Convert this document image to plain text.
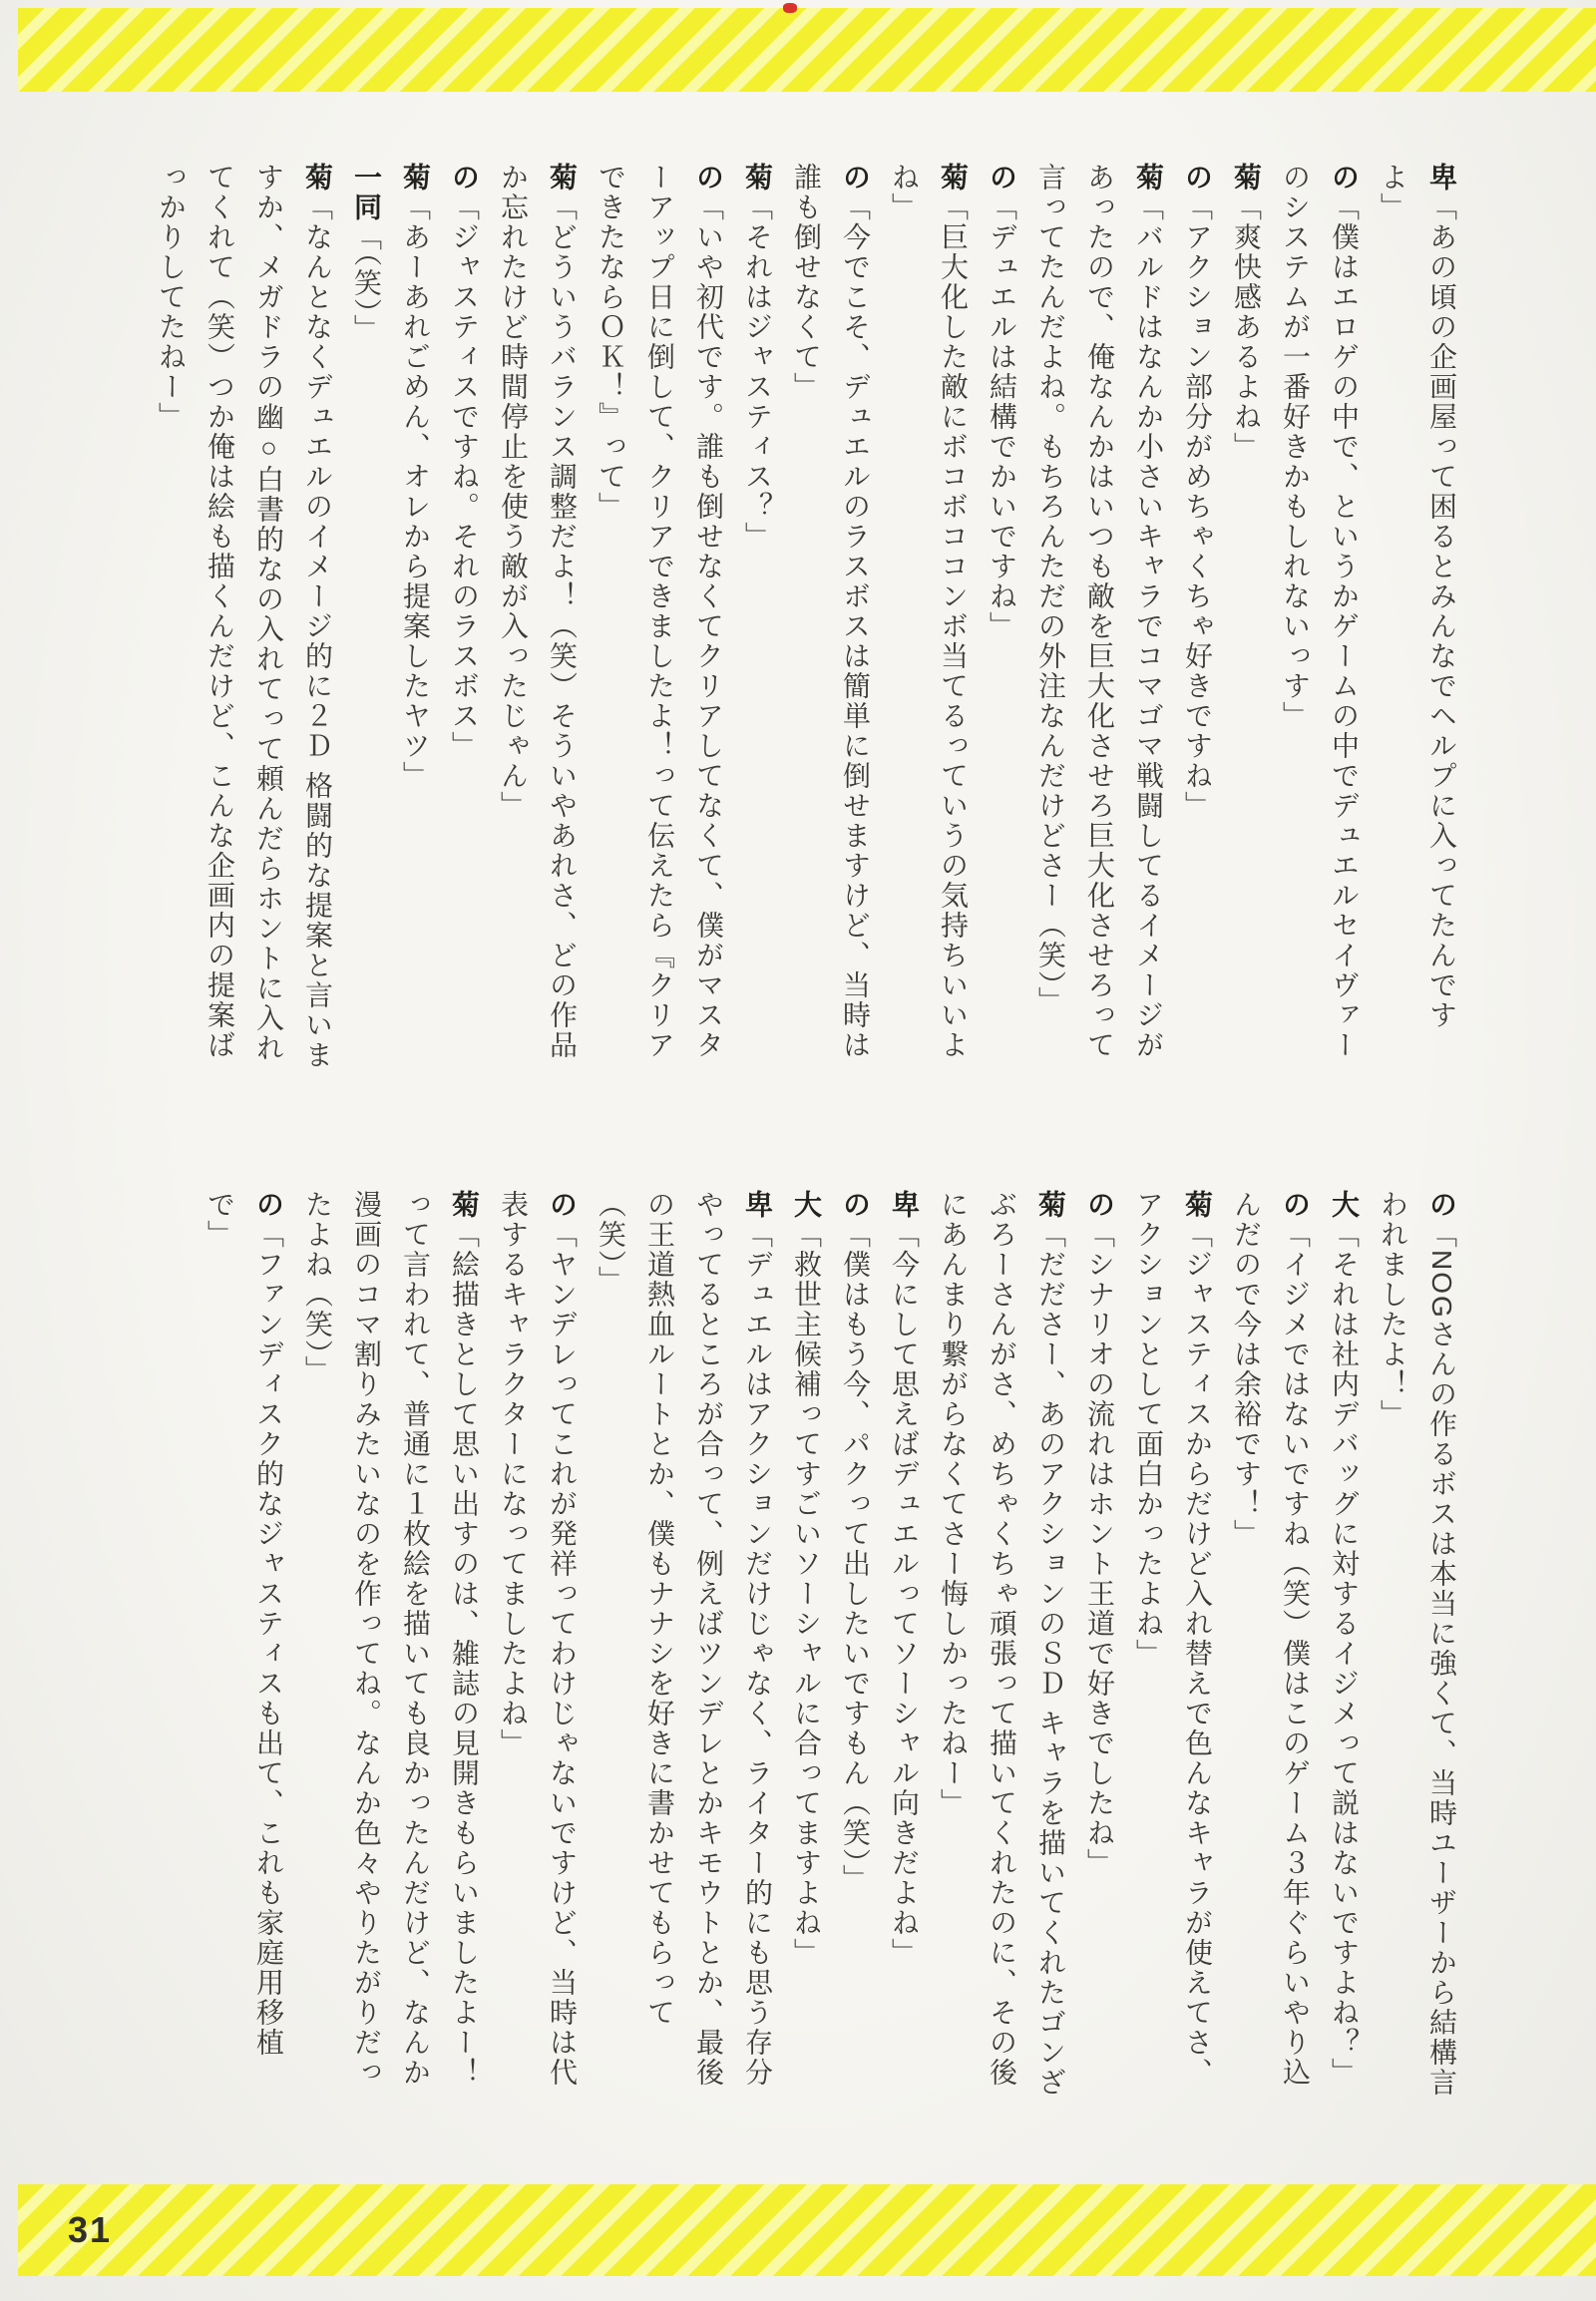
卑「あの頃の企画屋って困るとみんなでヘルプに入ってたんですよ」

の「僕はエロゲの中で、というかゲームの中でデュエルセイヴァーのシステムが一番好きかもしれないっす」

菊「爽快感あるよね」

の「アクション部分がめちゃくちゃ好きですね」

菊「バルドはなんか小さいキャラでコマゴマ戦闘してるイメージがあったので、俺なんかはいつも敵を巨大化させろ巨大化させろって言ってたんだよね。もちろんただの外注なんだけどさー（笑）」

の「デュエルは結構でかいですね」

菊「巨大化した敵にボコボココンボ当てるっていうの気持ちいいよね」

の「今でこそ、デュエルのラスボスは簡単に倒せますけど、当時は誰も倒せなくて」

菊「それはジャスティス？」

の「いや初代です。誰も倒せなくてクリアしてなくて、僕がマスターアップ日に倒して、クリアできましたよ！って伝えたら『クリアできたならＯＫ！』って」

菊「どういうバランス調整だよ！（笑）そういやあれさ、どの作品か忘れたけど時間停止を使う敵が入ったじゃん」

の「ジャスティスですね。それのラスボス」

菊「あーあれごめん、オレから提案したヤツ」

一同「（笑）」

菊「なんとなくデュエルのイメージ的に２Ｄ 格闘的な提案と言いますか、メガドラの幽○白書的なの入れてって頼んだらホントに入れてくれて（笑）つか俺は絵も描くんだけど、こんな企画内の提案ばっかりしてたねー」

の「NOGさんの作るボスは本当に強くて、当時ユーザーから結構言われましたよ！」

大「それは社内デバッグに対するイジメって説はないですよね？」

の「イジメではないですね（笑）僕はこのゲーム３年ぐらいやり込んだので今は余裕です！」

菊「ジャスティスからだけど入れ替えで色んなキャラが使えてさ、アクションとして面白かったよね」

の「シナリオの流れはホント王道で好きでしたね」

菊「だださー、あのアクションのＳＤ キャラを描いてくれたゴンざぶろーさんがさ、めちゃくちゃ頑張って描いてくれたのに、その後にあんまり繋がらなくてさー悔しかったねー」

卑「今にして思えばデュエルってソーシャル向きだよね」

の「僕はもう今、パクって出したいですもん（笑）」

大「救世主候補ってすごいソーシャルに合ってますよね」

卑「デュエルはアクションだけじゃなく、ライター的にも思う存分やってるところが合って、例えばツンデレとかキモウトとか、最後の王道熱血ルートとか、僕もナナシを好きに書かせてもらって（笑）」

の「ヤンデレってこれが発祥ってわけじゃないですけど、当時は代表するキャラクターになってましたよね」

菊「絵描きとして思い出すのは、雑誌の見開きもらいましたよー！って言われて、普通に１枚絵を描いても良かったんだけど、なんか漫画のコマ割りみたいなのを作ってね。なんか色々やりたがりだったよね（笑）」

の「ファンディスク的なジャスティスも出て、これも家庭用移植で」

31
